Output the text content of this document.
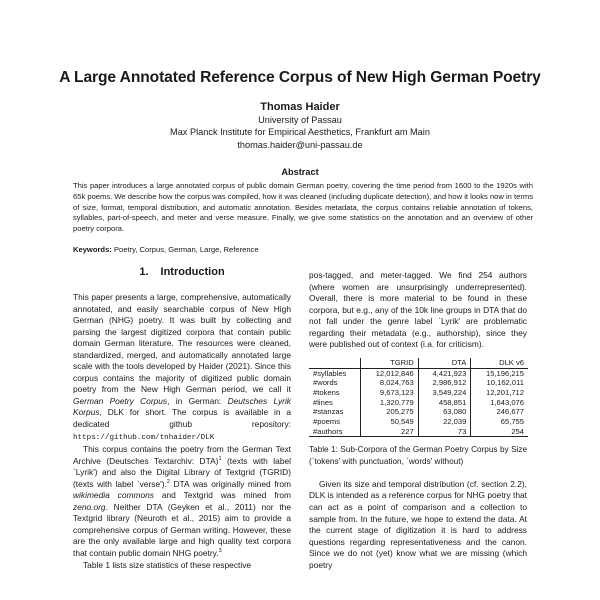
A Large Annotated Reference Corpus of New High German Poetry
Thomas Haider
University of Passau
Max Planck Institute for Empirical Aesthetics, Frankfurt am Main
thomas.haider@uni-passau.de
Abstract
This paper introduces a large annotated corpus of public domain German poetry, covering the time period from 1600 to the 1920s with 65k poems. We describe how the corpus was compiled, how it was cleaned (including duplicate detection), and how it looks now in terms of size, format, temporal distribution, and automatic annotation. Besides metadata, the corpus contains reliable annotation of tokens, syllables, part-of-speech, and meter and verse measure. Finally, we give some statistics on the annotation and an overview of other poetry corpora.
Keywords: Poetry, Corpus, German, Large, Reference
1. Introduction

This paper presents a large, comprehensive, automatically annotated, and easily searchable corpus of New High German (NHG) poetry. It was built by collecting and parsing the largest digitized corpora that contain public domain German literature. The resources were cleaned, standardized, merged, and automatically annotated large scale with the tools developed by Haider (2021). Since this corpus contains the majority of digitized public domain poetry from the New High German period, we call it German Poetry Corpus, in German: Deutsches Lyrik Korpus, DLK for short. The corpus is available in a dedicated github repository: https://github.com/tnhaider/DLK

This corpus contains the poetry from the German Text Archive (Deutsches Textarchiv: DTA)$^1$ (texts with label `Lyrik') and also the Digital Library of Textgrid (TGRID) (texts with label `verse').$^2$ DTA was originally mined from wikimedia commons and Textgrid was mined from zeno.org. Neither DTA (Geyken et al., 2011) nor the Textgrid library (Neuroth et al., 2015) aim to provide a comprehensive corpus of German writing. However, these are the only available large and high quality text corpora that contain public domain NHG poetry.$^3$

Table 1 lists size statistics of these respective

pos-tagged, and meter-tagged. We find 254 authors (where women are unsurprisingly underrepresented). Overall, there is more material to be found in these corpora, but e.g., any of the 10k line groups in DTA that do not fall under the genre label `Lyrik' are problematic regarding their metadata (e.g., authorship), since they were published out of context (i.a. for criticism).

	TGRID	DTA	DLK v6
#syllables	12,012,846	4,421,923	15,196,215
#words	8,024,763	2,986,912	10,162,011
#tokens	9,673,123	3,549,224	12,201,712
#lines	1,320,779	458,851	1,643,076
#stanzas	205,275	63,080	246,677
#poems	50,549	22,039	65,755
#authors	227	73	254

Table 1: Sub-Corpora of the German Poetry Corpus by Size (`tokens' with punctuation, `words' without)

Given its size and temporal distribution (cf. section 2.2), DLK is intended as a reference corpus for NHG poetry that can act as a point of comparison and a collection to sample from. In the future, we hope to extend the data. At the current stage of digitization it is hard to address questions regarding representativeness and the canon. Since we do not (yet) know what we are missing (which poetry
